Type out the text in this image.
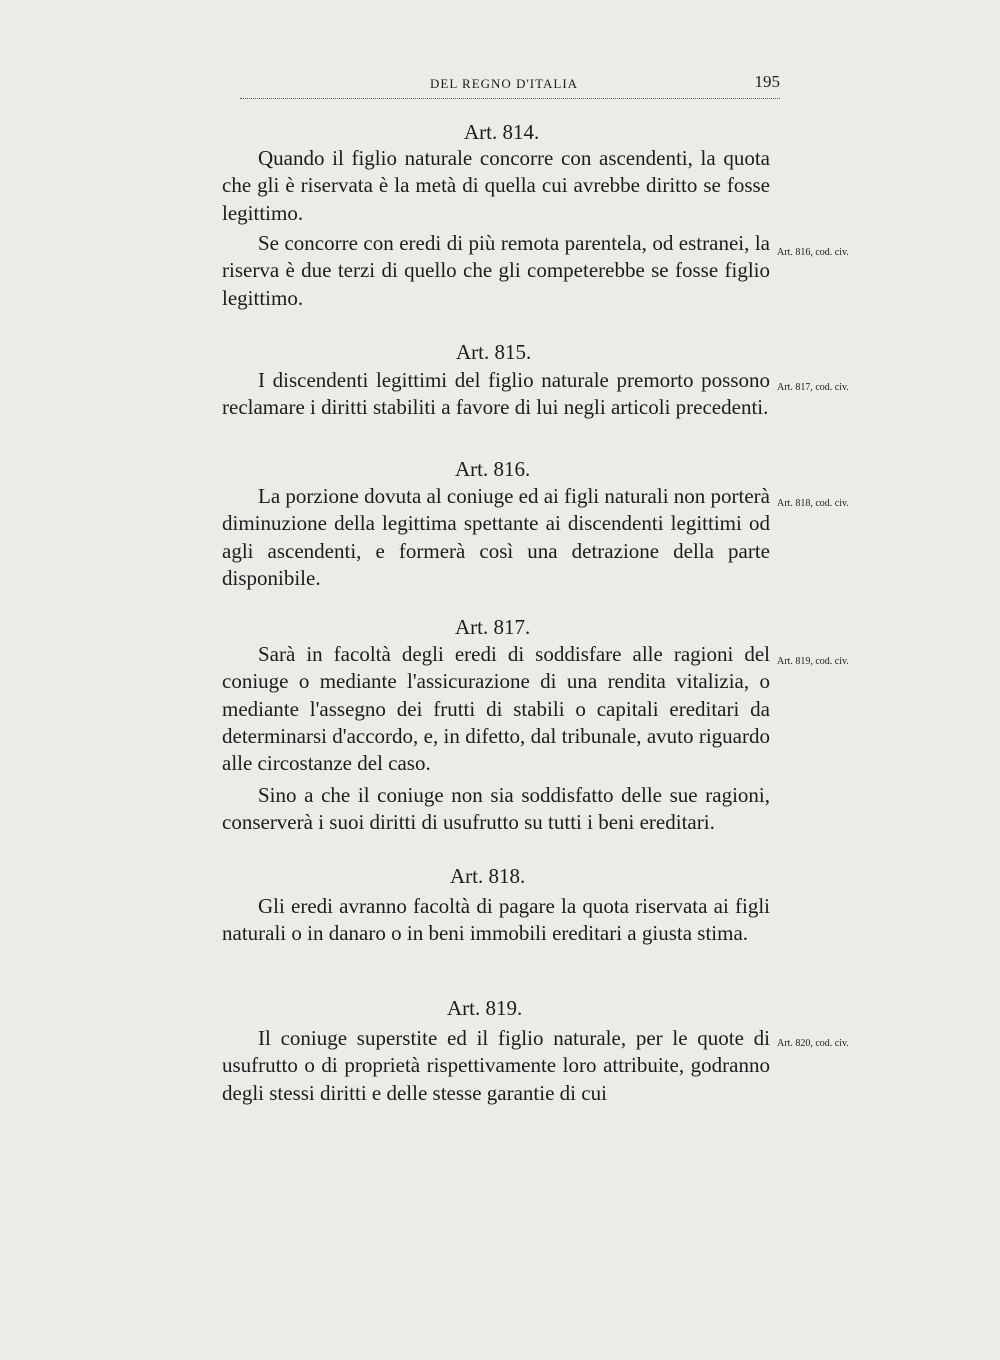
DEL REGNO D'ITALIA	195
Art. 814.

Quando il figlio naturale concorre con ascendenti, la quota che gli è riservata è la metà di quella cui avrebbe diritto se fosse legittimo.

Se concorre con eredi di più remota parentela, od estranei, la riserva è due terzi di quello che gli competerebbe se fosse figlio legittimo.

Art. 816, cod. civ.
Art. 815.

I discendenti legittimi del figlio naturale premorto possono reclamare i diritti stabiliti a favore di lui negli articoli precedenti.

Art. 817, cod. civ.
Art. 816.

La porzione dovuta al coniuge ed ai figli naturali non porterà diminuzione della legittima spettante ai discendenti legittimi od agli ascendenti, e formerà così una detrazione della parte disponibile.

Art. 818, cod. civ.
Art. 817.

Sarà in facoltà degli eredi di soddisfare alle ragioni del coniuge o mediante l'assicurazione di una rendita vitalizia, o mediante l'assegno dei frutti di stabili o capitali ereditari da determinarsi d'accordo, e, in difetto, dal tribunale, avuto riguardo alle circostanze del caso.

Sino a che il coniuge non sia soddisfatto delle sue ragioni, conserverà i suoi diritti di usufrutto su tutti i beni ereditari.

Art. 819, cod. civ.
Art. 818.

Gli eredi avranno facoltà di pagare la quota riservata ai figli naturali o in danaro o in beni immobili ereditari a giusta stima.

Art. 819.

Il coniuge superstite ed il figlio naturale, per le quote di usufrutto o di proprietà rispettivamente loro attribuite, godranno degli stessi diritti e delle stesse garantie di cui

Art. 820, cod. civ.
